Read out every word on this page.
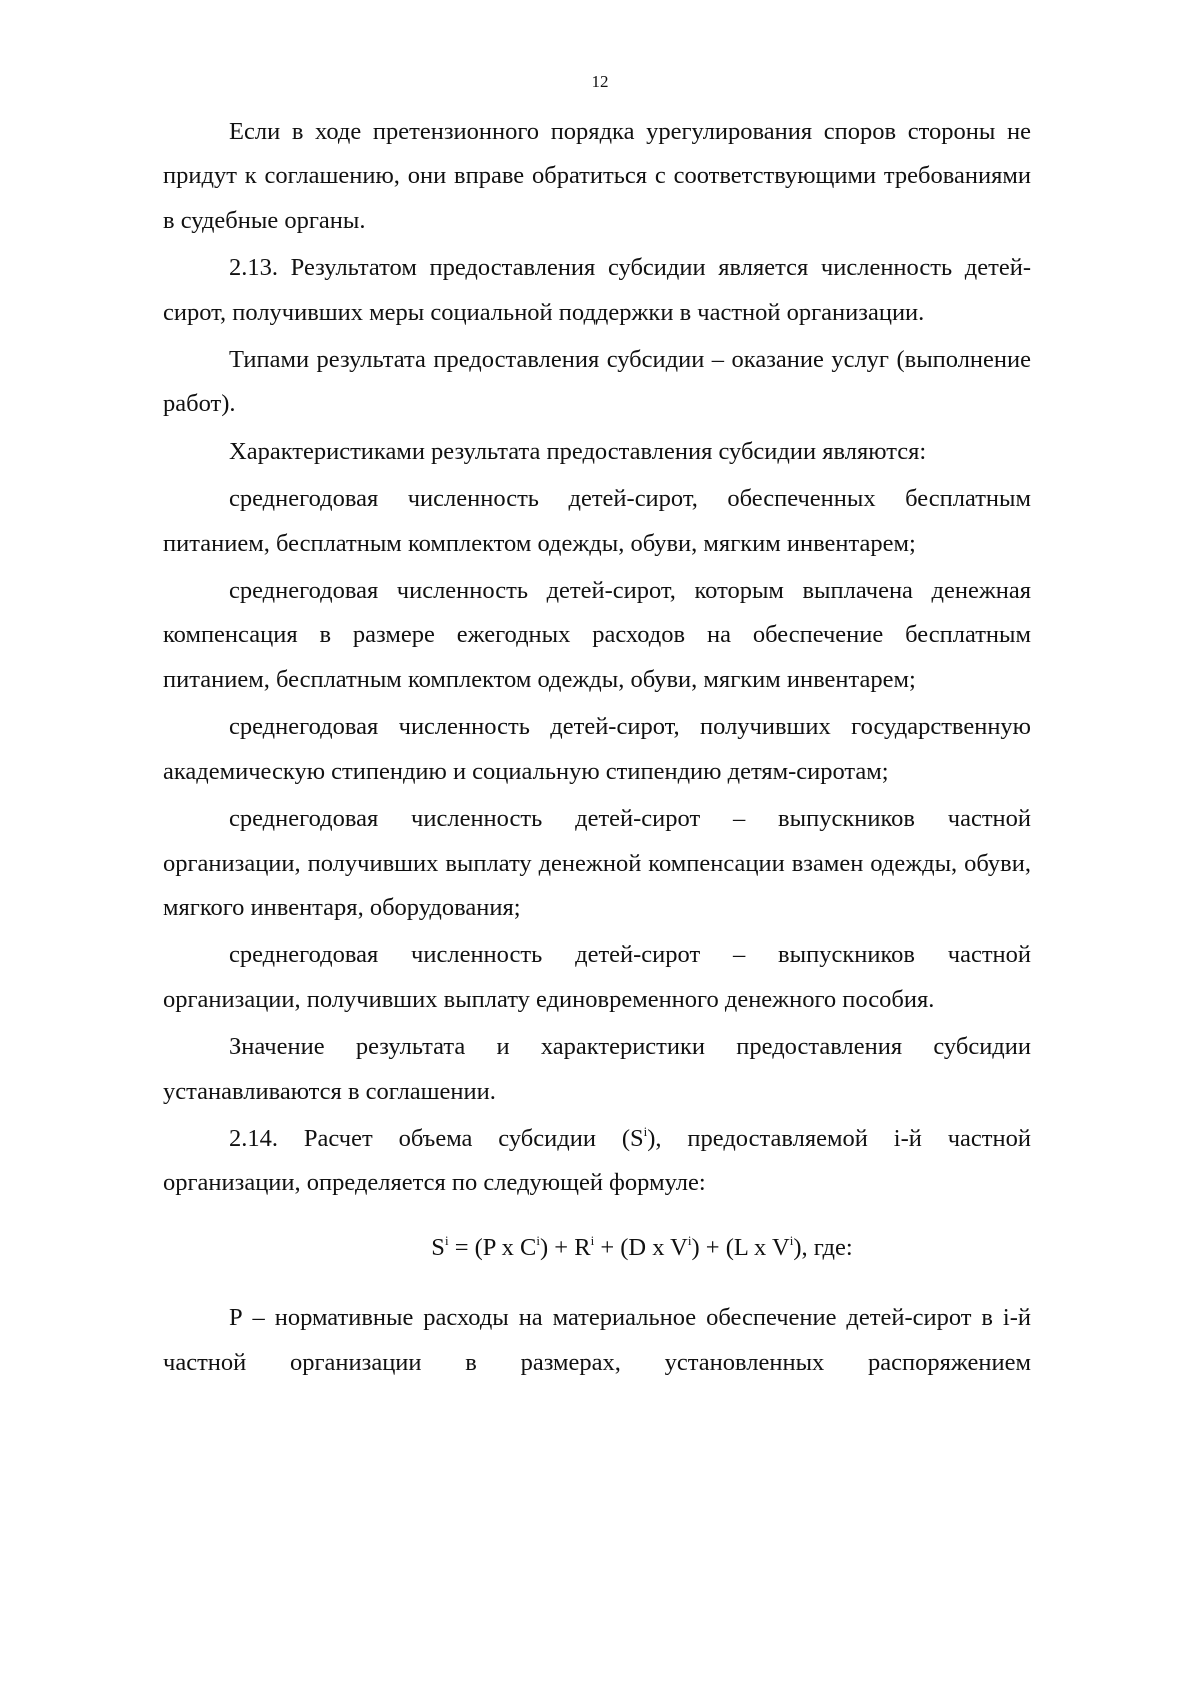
12

Если в ходе претензионного порядка урегулирования споров стороны не придут к соглашению, они вправе обратиться с соответствующими требованиями в судебные органы.

2.13. Результатом предоставления субсидии является численность детей-сирот, получивших меры социальной поддержки в частной организации.

Типами результата предоставления субсидии – оказание услуг (выполнение работ).

Характеристиками результата предоставления субсидии являются:

среднегодовая численность детей-сирот, обеспеченных бесплатным питанием, бесплатным комплектом одежды, обуви, мягким инвентарем;

среднегодовая численность детей-сирот, которым выплачена денежная компенсация в размере ежегодных расходов на обеспечение бесплатным питанием, бесплатным комплектом одежды, обуви, мягким инвентарем;

среднегодовая численность детей-сирот, получивших государственную академическую стипендию и социальную стипендию детям-сиротам;

среднегодовая численность детей-сирот – выпускников частной организации, получивших выплату денежной компенсации взамен одежды, обуви, мягкого инвентаря, оборудования;

среднегодовая численность детей-сирот – выпускников частной организации, получивших выплату единовременного денежного пособия.

Значение результата и характеристики предоставления субсидии устанавливаются в соглашении.

2.14. Расчет объема субсидии $(S^i)$, предоставляемой i-й частной организации, определяется по следующей формуле:

$S^i = (P$ x $C^i) + R^i + (D$ x $V^i) + (L$ x $V^i$), где:

Р – нормативные расходы на материальное обеспечение детей-сирот в i-й частной организации в размерах, установленных распоряжением
